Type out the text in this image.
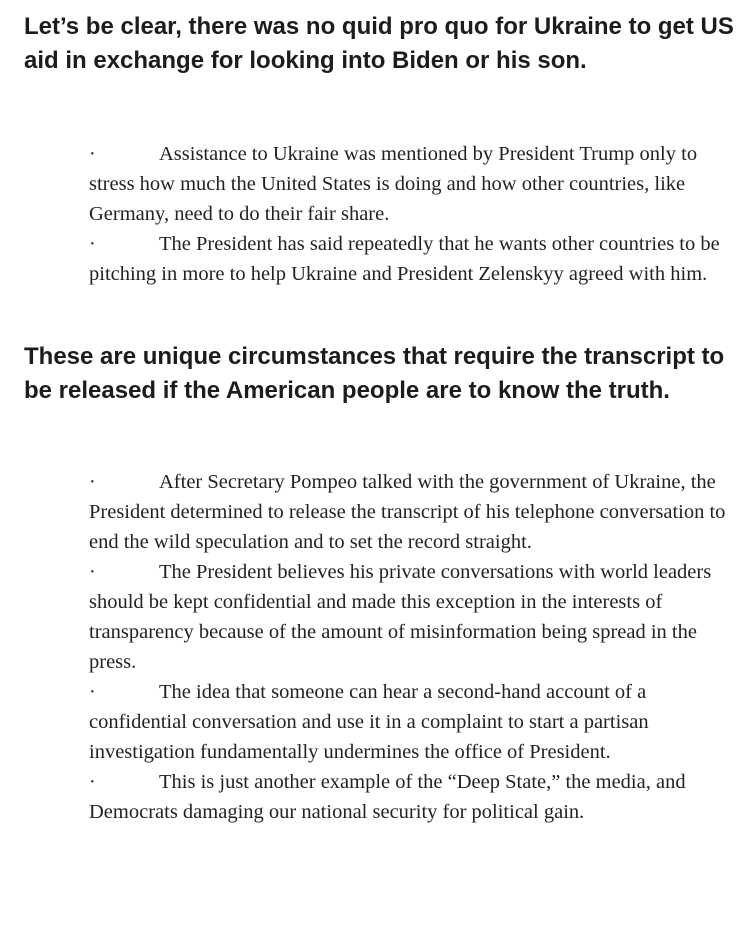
Let’s be clear, there was no quid pro quo for Ukraine to get US aid in exchange for looking into Biden or his son.
·	Assistance to Ukraine was mentioned by President Trump only to stress how much the United States is doing and how other countries, like Germany, need to do their fair share.
·	The President has said repeatedly that he wants other countries to be pitching in more to help Ukraine and President Zelenskyy agreed with him.
These are unique circumstances that require the transcript to be released if the American people are to know the truth.
·	After Secretary Pompeo talked with the government of Ukraine, the President determined to release the transcript of his telephone conversation to end the wild speculation and to set the record straight.
·	The President believes his private conversations with world leaders should be kept confidential and made this exception in the interests of transparency because of the amount of misinformation being spread in the press.
·	The idea that someone can hear a second-hand account of a confidential conversation and use it in a complaint to start a partisan investigation fundamentally undermines the office of President.
·	This is just another example of the “Deep State,” the media, and Democrats damaging our national security for political gain.
